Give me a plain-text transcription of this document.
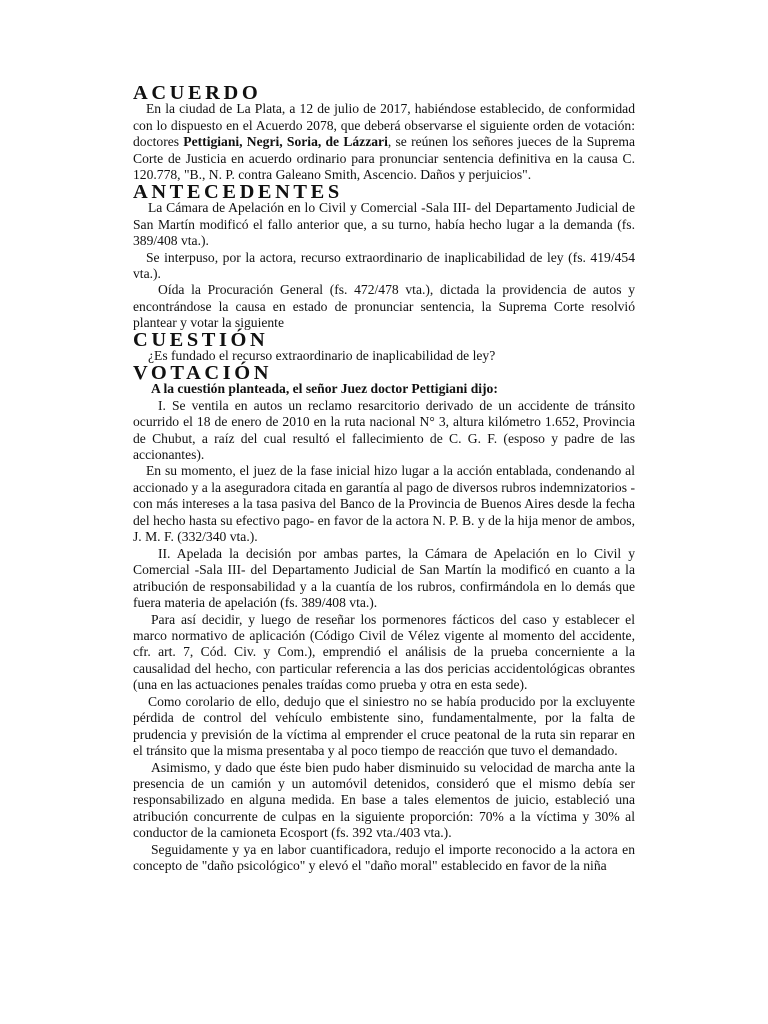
ACUERDO

En la ciudad de La Plata, a 12 de julio de 2017, habiéndose establecido, de conformidad con lo dispuesto en el Acuerdo 2078, que deberá observarse el siguiente orden de votación: doctores Pettigiani, Negri, Soria, de Lázzari, se reúnen los señores jueces de la Suprema Corte de Justicia en acuerdo ordinario para pronunciar sentencia definitiva en la causa C. 120.778, "B., N. P. contra Galeano Smith, Ascencio. Daños y perjuicios".

ANTECEDENTES

La Cámara de Apelación en lo Civil y Comercial -Sala III- del Departamento Judicial de San Martín modificó el fallo anterior que, a su turno, había hecho lugar a la demanda (fs. 389/408 vta.).

Se interpuso, por la actora, recurso extraordinario de inaplicabilidad de ley (fs. 419/454 vta.).

Oída la Procuración General (fs. 472/478 vta.), dictada la providencia de autos y encontrándose la causa en estado de pronunciar sentencia, la Suprema Corte resolvió plantear y votar la siguiente

CUESTIÓN

¿Es fundado el recurso extraordinario de inaplicabilidad de ley?

VOTACIÓN

A la cuestión planteada, el señor Juez doctor Pettigiani dijo:

I. Se ventila en autos un reclamo resarcitorio derivado de un accidente de tránsito ocurrido el 18 de enero de 2010 en la ruta nacional N° 3, altura kilómetro 1.652, Provincia de Chubut, a raíz del cual resultó el fallecimiento de C. G. F. (esposo y padre de las accionantes).

En su momento, el juez de la fase inicial hizo lugar a la acción entablada, condenando al accionado y a la aseguradora citada en garantía al pago de diversos rubros indemnizatorios -con más intereses a la tasa pasiva del Banco de la Provincia de Buenos Aires desde la fecha del hecho hasta su efectivo pago- en favor de la actora N. P. B. y de la hija menor de ambos, J. M. F. (332/340 vta.).

II. Apelada la decisión por ambas partes, la Cámara de Apelación en lo Civil y Comercial -Sala III- del Departamento Judicial de San Martín la modificó en cuanto a la atribución de responsabilidad y a la cuantía de los rubros, confirmándola en lo demás que fuera materia de apelación (fs. 389/408 vta.).

Para así decidir, y luego de reseñar los pormenores fácticos del caso y establecer el marco normativo de aplicación (Código Civil de Vélez vigente al momento del accidente, cfr. art. 7, Cód. Civ. y Com.), emprendió el análisis de la prueba concerniente a la causalidad del hecho, con particular referencia a las dos pericias accidentológicas obrantes (una en las actuaciones penales traídas como prueba y otra en esta sede).

Como corolario de ello, dedujo que el siniestro no se había producido por la excluyente pérdida de control del vehículo embistente sino, fundamentalmente, por la falta de prudencia y previsión de la víctima al emprender el cruce peatonal de la ruta sin reparar en el tránsito que la misma presentaba y al poco tiempo de reacción que tuvo el demandado.

Asimismo, y dado que éste bien pudo haber disminuido su velocidad de marcha ante la presencia de un camión y un automóvil detenidos, consideró que el mismo debía ser responsabilizado en alguna medida. En base a tales elementos de juicio, estableció una atribución concurrente de culpas en la siguiente proporción: 70% a la víctima y 30% al conductor de la camioneta Ecosport (fs. 392 vta./403 vta.).

Seguidamente y ya en labor cuantificadora, redujo el importe reconocido a la actora en concepto de "daño psicológico" y elevó el "daño moral" establecido en favor de la niña
